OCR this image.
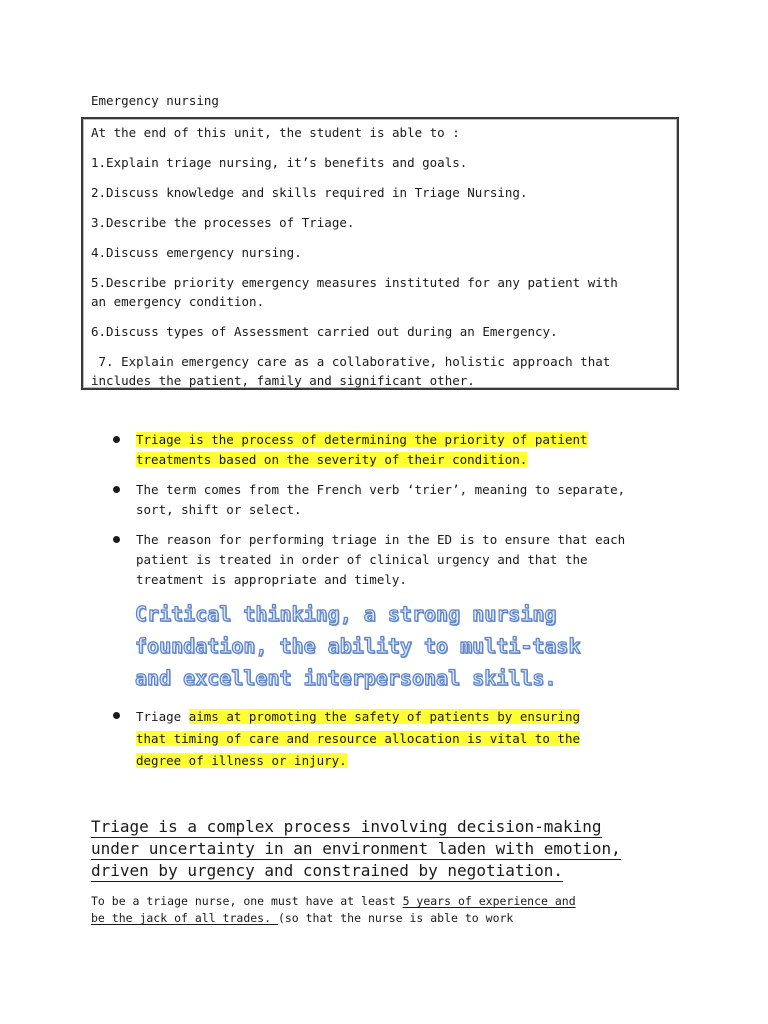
Emergency nursing

At the end of this unit, the student is able to :

1.Explain triage nursing, it’s benefits and goals.

2.Discuss knowledge and skills required in Triage Nursing.

3.Describe the processes of Triage.

4.Discuss emergency nursing.

5.Describe priority emergency measures instituted for any patient with

an emergency condition.

6.Discuss types of Assessment carried out during an Emergency.

7. Explain emergency care as a collaborative, holistic approach that

includes the patient, family and significant other.

Triage is the process of determining the priority of patient
treatments based on the severity of their condition.
The term comes from the French verb ‘trier’, meaning to separate,
sort, shift or select.
The reason for performing triage in the ED is to ensure that each
patient is treated in order of clinical urgency and that the
treatment is appropriate and timely.
Triage aims at promoting the safety of patients by ensuring
that timing of care and resource allocation is vital to the
degree of illness or injury.
Critical thinking, a strong nursing
foundation, the ability to multi-task
and excellent interpersonal skills.
Triage is a complex process involving decision-making
under uncertainty in an environment laden with emotion,
driven by urgency and constrained by negotiation.
To be a triage nurse, one must have at least 5 years of experience and
be the jack of all trades. (so that the nurse is able to work
